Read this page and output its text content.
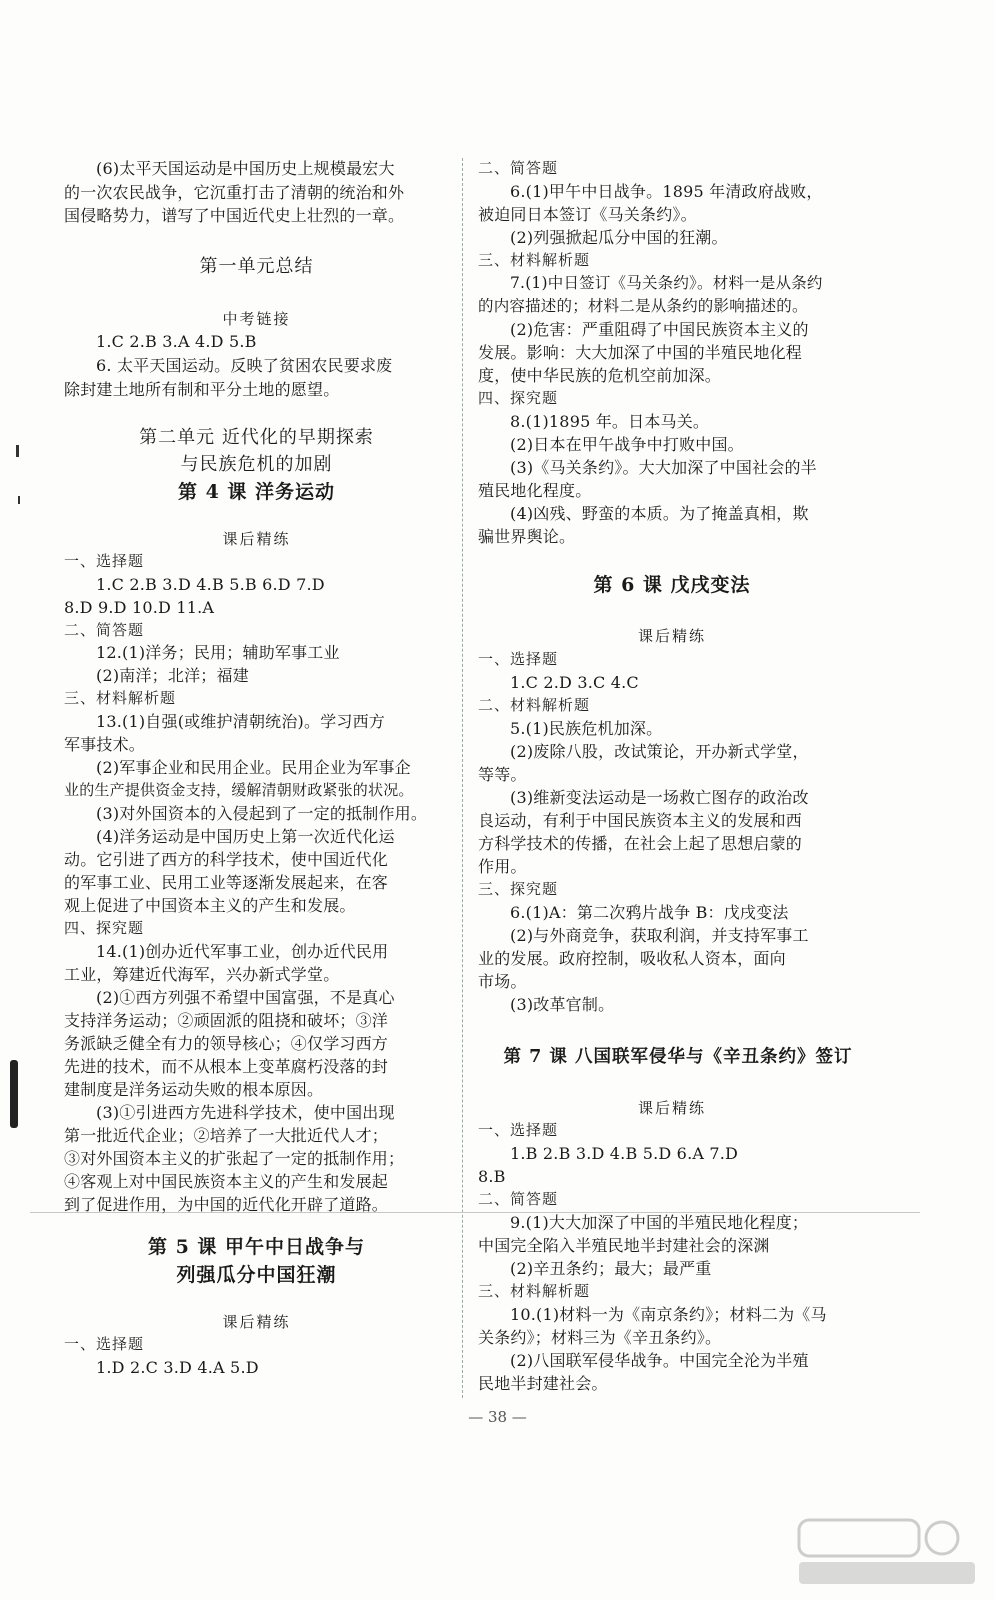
(6)太平天国运动是中国历史上规模最宏大
的一次农民战争，它沉重打击了清朝的统治和外
国侵略势力，谱写了中国近代史上壮烈的一章。
第一单元总结
中考链接
1.C 2.B 3.A 4.D 5.B
6. 太平天国运动。反映了贫困农民要求废
除封建土地所有制和平分土地的愿望。
第二单元 近代化的早期探索
与民族危机的加剧
第 4 课 洋务运动
课后精练
一、选择题
1.C 2.B 3.D 4.B 5.B 6.D 7.D
8.D 9.D 10.D 11.A
二、简答题
12.(1)洋务；民用；辅助军事工业
(2)南洋；北洋；福建
三、材料解析题
13.(1)自强(或维护清朝统治)。学习西方
军事技术。
(2)军事企业和民用企业。民用企业为军事企
业的生产提供资金支持，缓解清朝财政紧张的状况。
(3)对外国资本的入侵起到了一定的抵制作用。
(4)洋务运动是中国历史上第一次近代化运
动。它引进了西方的科学技术，使中国近代化
的军事工业、民用工业等逐渐发展起来，在客
观上促进了中国资本主义的产生和发展。
四、探究题
14.(1)创办近代军事工业，创办近代民用
工业，筹建近代海军，兴办新式学堂。
(2)①西方列强不希望中国富强，不是真心
支持洋务运动；②顽固派的阻挠和破坏；③洋
务派缺乏健全有力的领导核心；④仅学习西方
先进的技术，而不从根本上变革腐朽没落的封
建制度是洋务运动失败的根本原因。
(3)①引进西方先进科学技术，使中国出现
第一批近代企业；②培养了一大批近代人才；
③对外国资本主义的扩张起了一定的抵制作用；
④客观上对中国民族资本主义的产生和发展起
到了促进作用，为中国的近代化开辟了道路。
第 5 课 甲午中日战争与
列强瓜分中国狂潮
课后精练
一、选择题
1.D 2.C 3.D 4.A 5.D
二、简答题
6.(1)甲午中日战争。1895 年清政府战败，
被迫同日本签订《马关条约》。
(2)列强掀起瓜分中国的狂潮。
三、材料解析题
7.(1)中日签订《马关条约》。材料一是从条约
的内容描述的；材料二是从条约的影响描述的。
(2)危害：严重阻碍了中国民族资本主义的
发展。影响：大大加深了中国的半殖民地化程
度，使中华民族的危机空前加深。
四、探究题
8.(1)1895 年。日本马关。
(2)日本在甲午战争中打败中国。
(3)《马关条约》。大大加深了中国社会的半
殖民地化程度。
(4)凶残、野蛮的本质。为了掩盖真相，欺
骗世界舆论。
第 6 课 戊戌变法
课后精练
一、选择题
1.C 2.D 3.C 4.C
二、材料解析题
5.(1)民族危机加深。
(2)废除八股，改试策论，开办新式学堂，
等等。
(3)维新变法运动是一场救亡图存的政治改
良运动，有利于中国民族资本主义的发展和西
方科学技术的传播，在社会上起了思想启蒙的
作用。
三、探究题
6.(1)A：第二次鸦片战争 B：戊戌变法
(2)与外商竞争，获取利润，并支持军事工
业的发展。政府控制，吸收私人资本，面向
市场。
(3)改革官制。
第 7 课 八国联军侵华与《辛丑条约》签订
课后精练
一、选择题
1.B 2.B 3.D 4.B 5.D 6.A 7.D
8.B
二、简答题
9.(1)大大加深了中国的半殖民地化程度；
中国完全陷入半殖民地半封建社会的深渊
(2)辛丑条约；最大；最严重
三、材料解析题
10.(1)材料一为《南京条约》；材料二为《马
关条约》；材料三为《辛丑条约》。
(2)八国联军侵华战争。中国完全沦为半殖
民地半封建社会。
— 38 —
